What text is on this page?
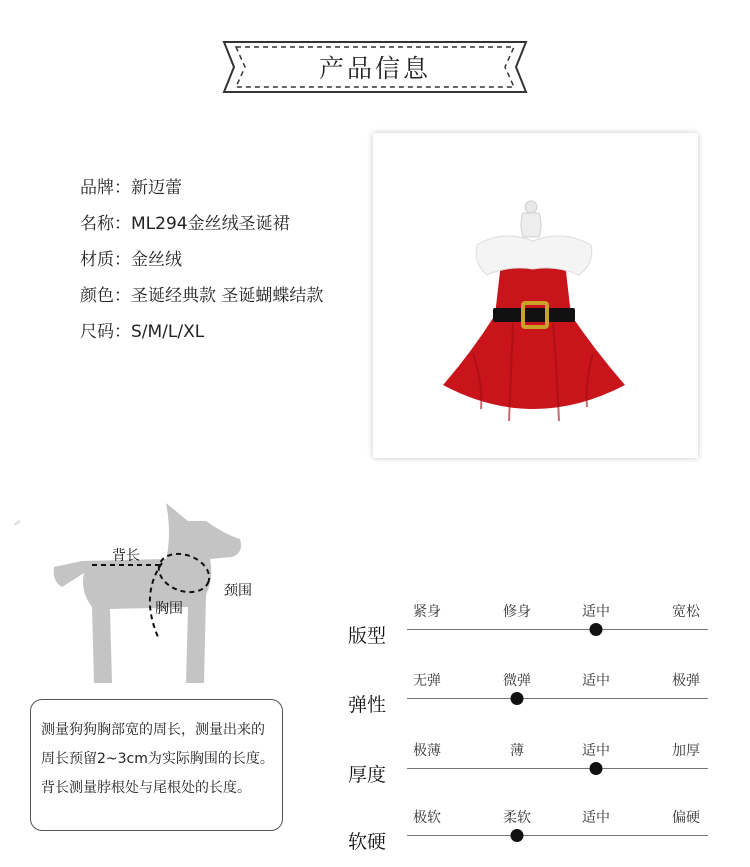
产品信息
品牌：新迈蕾
名称：ML294金丝绒圣诞裙
材质：金丝绒
颜色：圣诞经典款 圣诞蝴蝶结款
尺码：S/M/L/XL
背长
颈围
胸围
测量狗狗胸部宽的周长，测量出来的周长预留2~3cm为实际胸围的长度。背长测量脖根处与尾根处的长度。
版型
紧身	修身	适中	宽松
弹性
无弹	微弹	适中	极弹
厚度
极薄	薄	适中	加厚
软硬
极软	柔软	适中	偏硬
